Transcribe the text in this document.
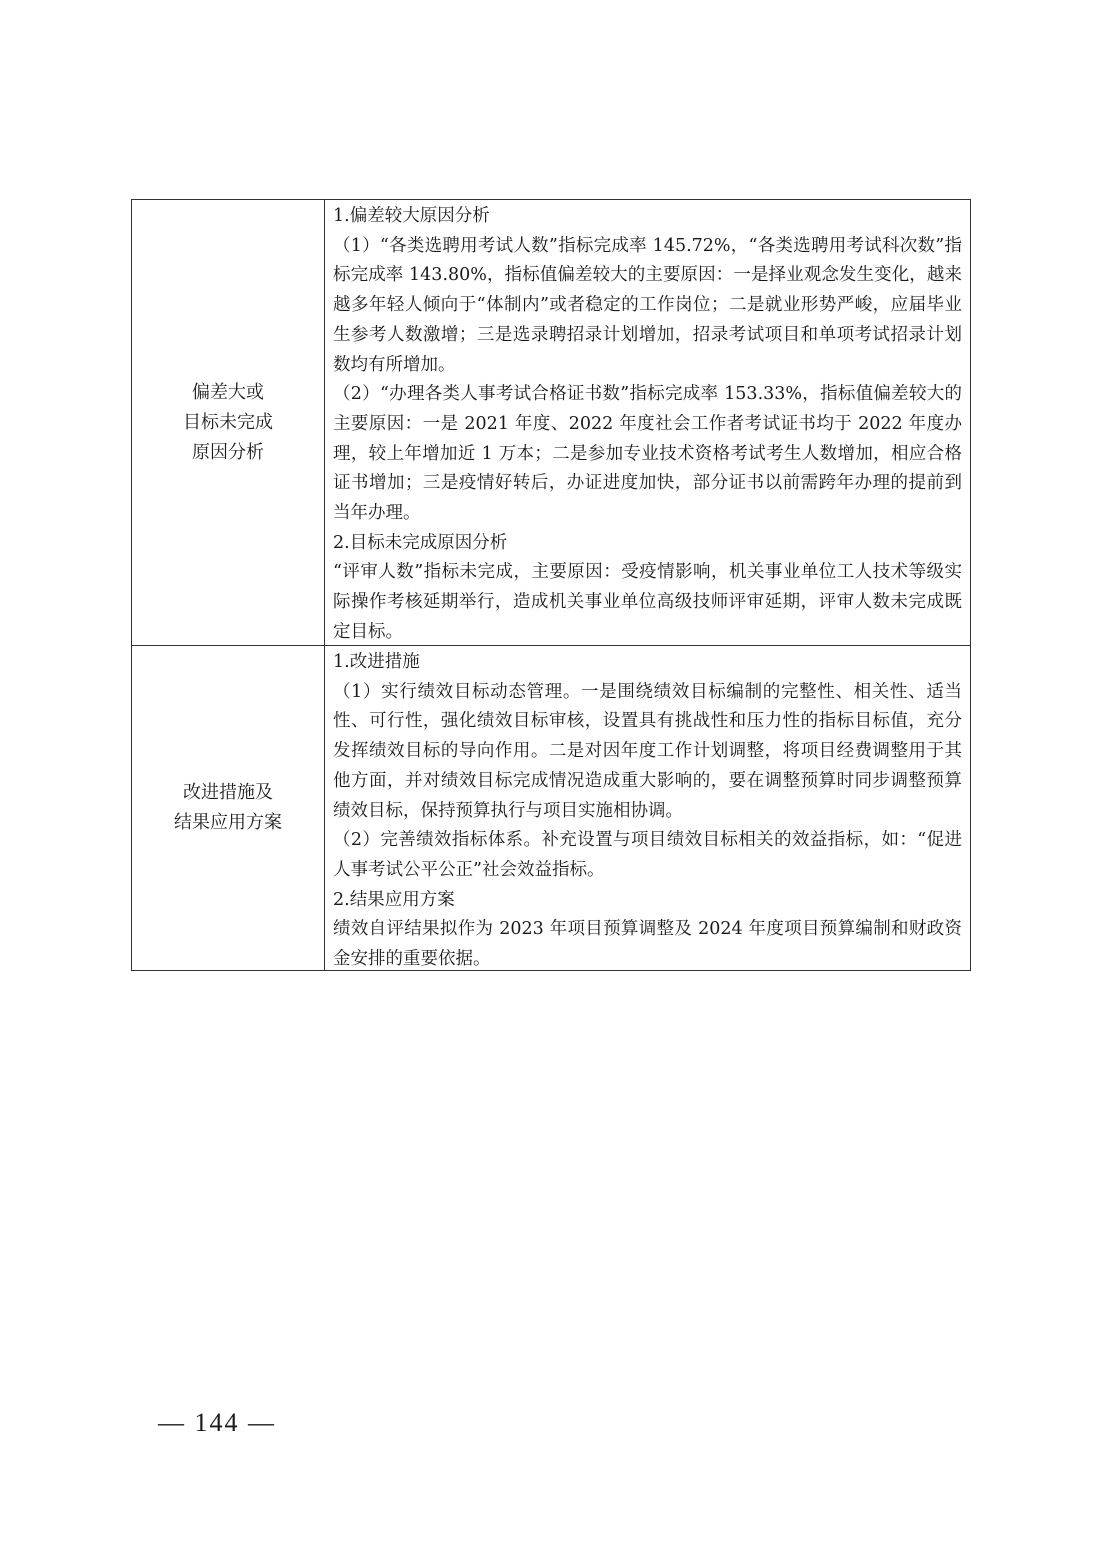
偏差大或
目标未完成
原因分析

1.偏差较大原因分析

（1）“各类选聘用考试人数”指标完成率 145.72%，“各类选聘用考试科次数”指标完成率 143.80%，指标值偏差较大的主要原因：一是择业观念发生变化，越来越多年轻人倾向于“体制内”或者稳定的工作岗位；二是就业形势严峻，应届毕业生参考人数激增；三是选录聘招录计划增加，招录考试项目和单项考试招录计划数均有所增加。

（2）“办理各类人事考试合格证书数”指标完成率 153.33%，指标值偏差较大的主要原因：一是 2021 年度、2022 年度社会工作者考试证书均于 2022 年度办理，较上年增加近 1 万本；二是参加专业技术资格考试考生人数增加，相应合格证书增加；三是疫情好转后，办证进度加快，部分证书以前需跨年办理的提前到当年办理。

2.目标未完成原因分析

“评审人数”指标未完成，主要原因：受疫情影响，机关事业单位工人技术等级实际操作考核延期举行，造成机关事业单位高级技师评审延期，评审人数未完成既定目标。

改进措施及
结果应用方案

1.改进措施

（1）实行绩效目标动态管理。一是围绕绩效目标编制的完整性、相关性、适当性、可行性，强化绩效目标审核，设置具有挑战性和压力性的指标目标值，充分发挥绩效目标的导向作用。二是对因年度工作计划调整，将项目经费调整用于其他方面，并对绩效目标完成情况造成重大影响的，要在调整预算时同步调整预算绩效目标，保持预算执行与项目实施相协调。

（2）完善绩效指标体系。补充设置与项目绩效目标相关的效益指标，如：“促进人事考试公平公正”社会效益指标。

2.结果应用方案

绩效自评结果拟作为 2023 年项目预算调整及 2024 年度项目预算编制和财政资金安排的重要依据。

— 144 —
